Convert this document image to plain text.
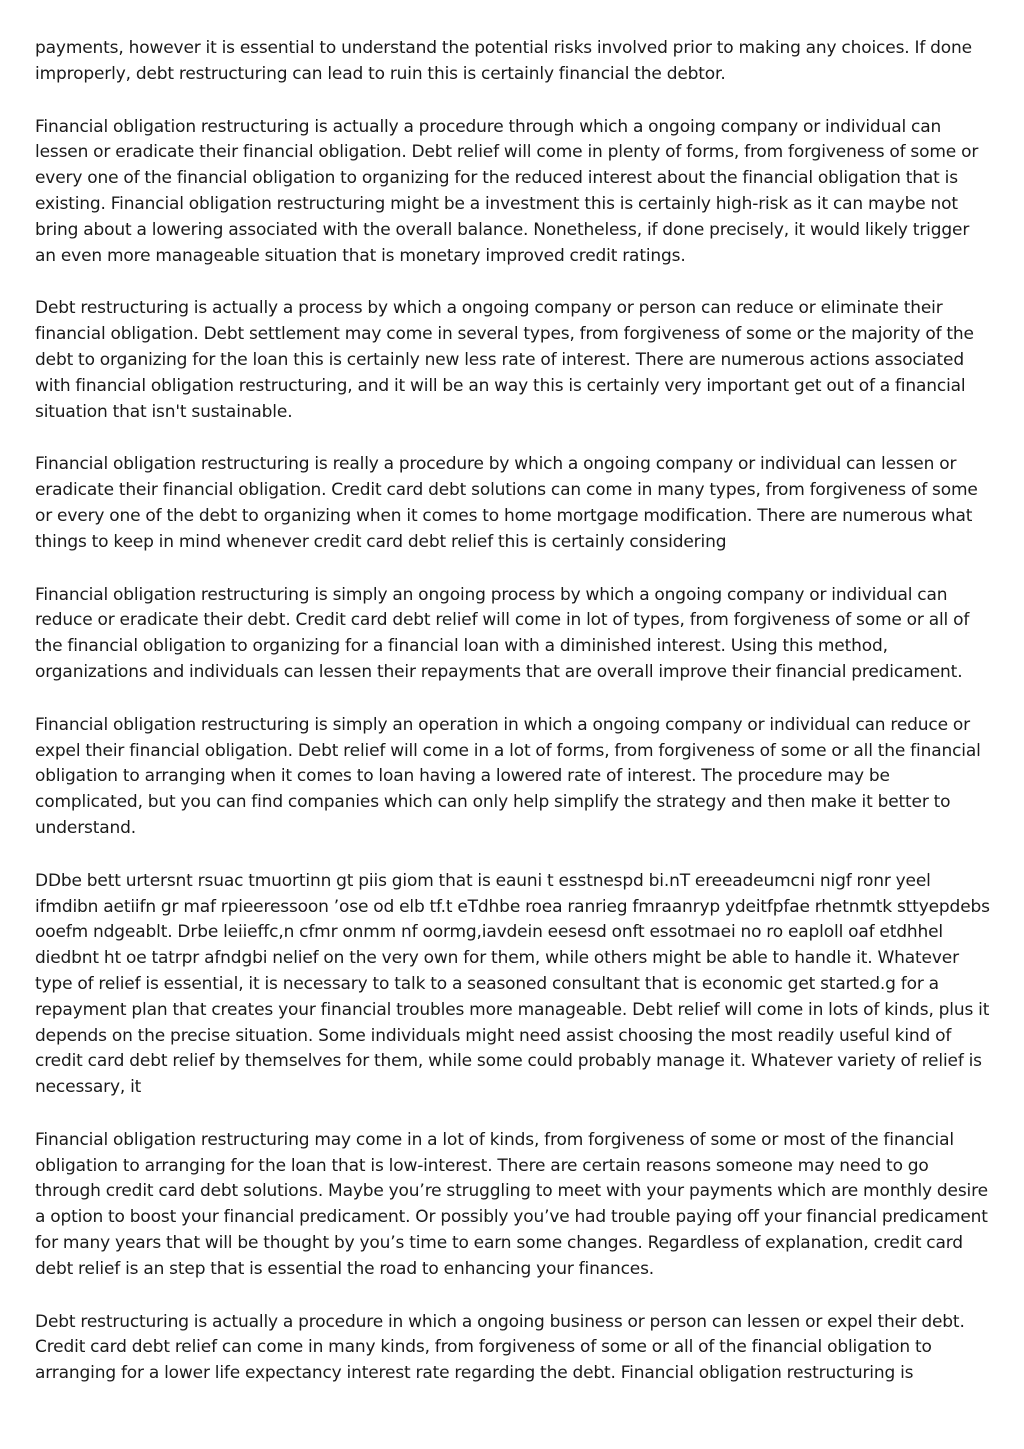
payments, however it is essential to understand the potential risks involved prior to making any choices. If done improperly, debt restructuring can lead to ruin this is certainly financial the debtor.

Financial obligation restructuring is actually a procedure through which a ongoing company or individual can lessen or eradicate their financial obligation. Debt relief will come in plenty of forms, from forgiveness of some or every one of the financial obligation to organizing for the reduced interest about the financial obligation that is existing. Financial obligation restructuring might be a investment this is certainly high-risk as it can maybe not bring about a lowering associated with the overall balance. Nonetheless, if done precisely, it would likely trigger an even more manageable situation that is monetary improved credit ratings.

Debt restructuring is actually a process by which a ongoing company or person can reduce or eliminate their financial obligation. Debt settlement may come in several types, from forgiveness of some or the majority of the debt to organizing for the loan this is certainly new less rate of interest. There are numerous actions associated with financial obligation restructuring, and it will be an way this is certainly very important get out of a financial situation that isn't sustainable.

Financial obligation restructuring is really a procedure by which a ongoing company or individual can lessen or eradicate their financial obligation. Credit card debt solutions can come in many types, from forgiveness of some or every one of the debt to organizing when it comes to home mortgage modification. There are numerous what things to keep in mind whenever credit card debt relief this is certainly considering

Financial obligation restructuring is simply an ongoing process by which a ongoing company or individual can reduce or eradicate their debt. Credit card debt relief will come in lot of types, from forgiveness of some or all of the financial obligation to organizing for a financial loan with a diminished interest. Using this method, organizations and individuals can lessen their repayments that are overall improve their financial predicament.

Financial obligation restructuring is simply an operation in which a ongoing company or individual can reduce or expel their financial obligation. Debt relief will come in a lot of forms, from forgiveness of some or all the financial obligation to arranging when it comes to loan having a lowered rate of interest. The procedure may be complicated, but you can find companies which can only help simplify the strategy and then make it better to understand.

DDbe bett urtersnt rsuac tmuortinn gt piis giom that is eauni t esstnespd bi.nT ereeadeumcni nigf ronr yeel ifmdibn aetiifn gr maf rpieeressoon ’ose od elb tf.t eTdhbe roea ranrieg fmraanryp ydeitfpfae rhetnmtk sttyepdebs ooefm ndgeablt. Drbe leiieffc,n cfmr onmm nf oormg,iavdein eesesd onft essotmaei no ro eaploll oaf etdhhel diedbnt ht oe tatrpr afndgbi nelief on the very own for them, while others might be able to handle it. Whatever type of relief is essential, it is necessary to talk to a seasoned consultant that is economic get started.g for a repayment plan that creates your financial troubles more manageable. Debt relief will come in lots of kinds, plus it depends on the precise situation. Some individuals might need assist choosing the most readily useful kind of credit card debt relief by themselves for them, while some could probably manage it. Whatever variety of relief is necessary, it

Financial obligation restructuring may come in a lot of kinds, from forgiveness of some or most of the financial obligation to arranging for the loan that is low-interest. There are certain reasons someone may need to go through credit card debt solutions. Maybe you’re struggling to meet with your payments which are monthly desire a option to boost your financial predicament. Or possibly you’ve had trouble paying off your financial predicament for many years that will be thought by you’s time to earn some changes. Regardless of explanation, credit card debt relief is an step that is essential the road to enhancing your finances.

Debt restructuring is actually a procedure in which a ongoing business or person can lessen or expel their debt. Credit card debt relief can come in many kinds, from forgiveness of some or all of the financial obligation to arranging for a lower life expectancy interest rate regarding the debt. Financial obligation restructuring is
